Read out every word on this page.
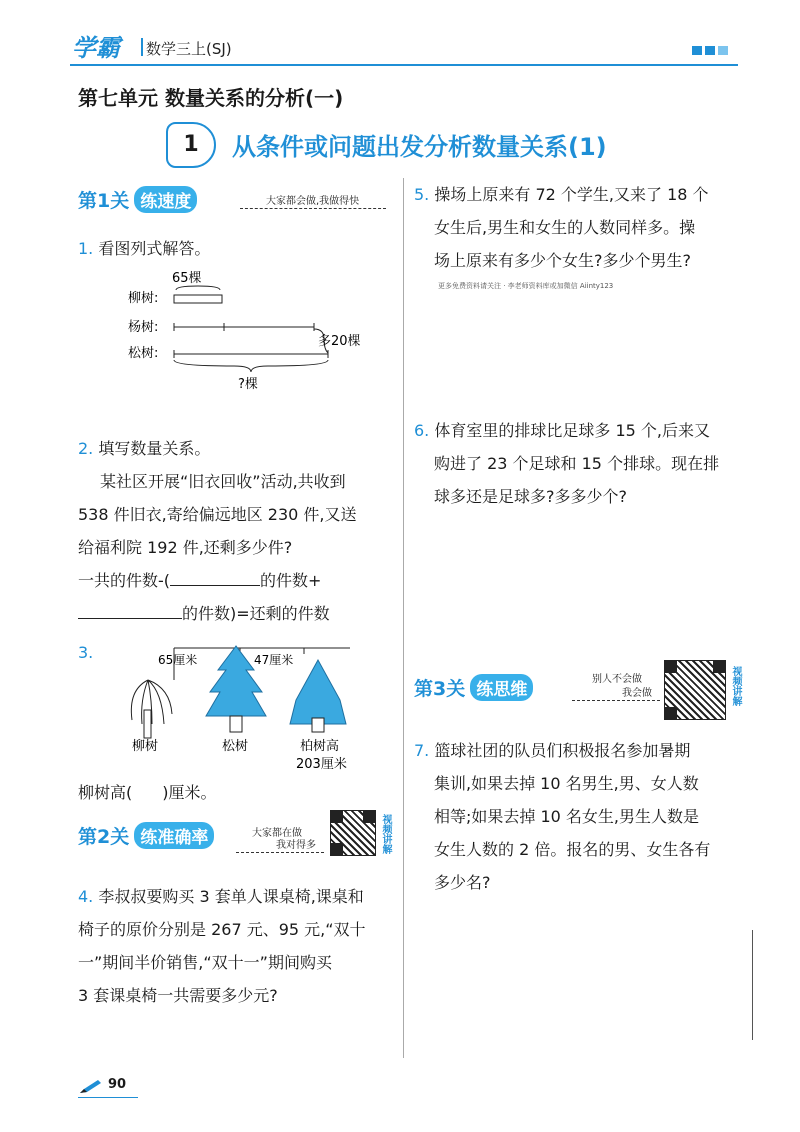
学霸 数学三上(SJ)
第七单元 数量关系的分析(一)
1	从条件或问题出发分析数量关系(1)
第1关 练速度	大家都会做,我做得快
1. 看图列式解答。
65棵
柳树:
杨树:
松树:
多20棵
?棵
2. 填写数量关系。
某社区开展“旧衣回收”活动,共收到
538 件旧衣,寄给偏远地区 230 件,又送
给福利院 192 件,还剩多少件?
一共的件数-(	的件数+
的件数)=还剩的件数
3.	65厘米	47厘米
柳树	松树	柏树高
203厘米
柳树高( )厘米。
第2关 练准确率	大家都在做
我对得多	视频讲解
4. 李叔叔要购买 3 套单人课桌椅,课桌和
椅子的原价分别是 267 元、95 元,“双十
一”期间半价销售,“双十一”期间购买
3 套课桌椅一共需要多少元?
5. 操场上原来有 72 个学生,又来了 18 个
女生后,男生和女生的人数同样多。操
场上原来有多少个女生?多少个男生?
更多免费资料请关注 · 李老师资料库或加微信 Aiinty123
6. 体育室里的排球比足球多 15 个,后来又
购进了 23 个足球和 15 个排球。现在排
球多还是足球多?多多少个?
第3关 练思维
别人不会做
我会做	视频讲解
7. 篮球社团的队员们积极报名参加暑期
集训,如果去掉 10 名男生,男、女人数
相等;如果去掉 10 名女生,男生人数是
女生人数的 2 倍。报名的男、女生各有
多少名?
90
